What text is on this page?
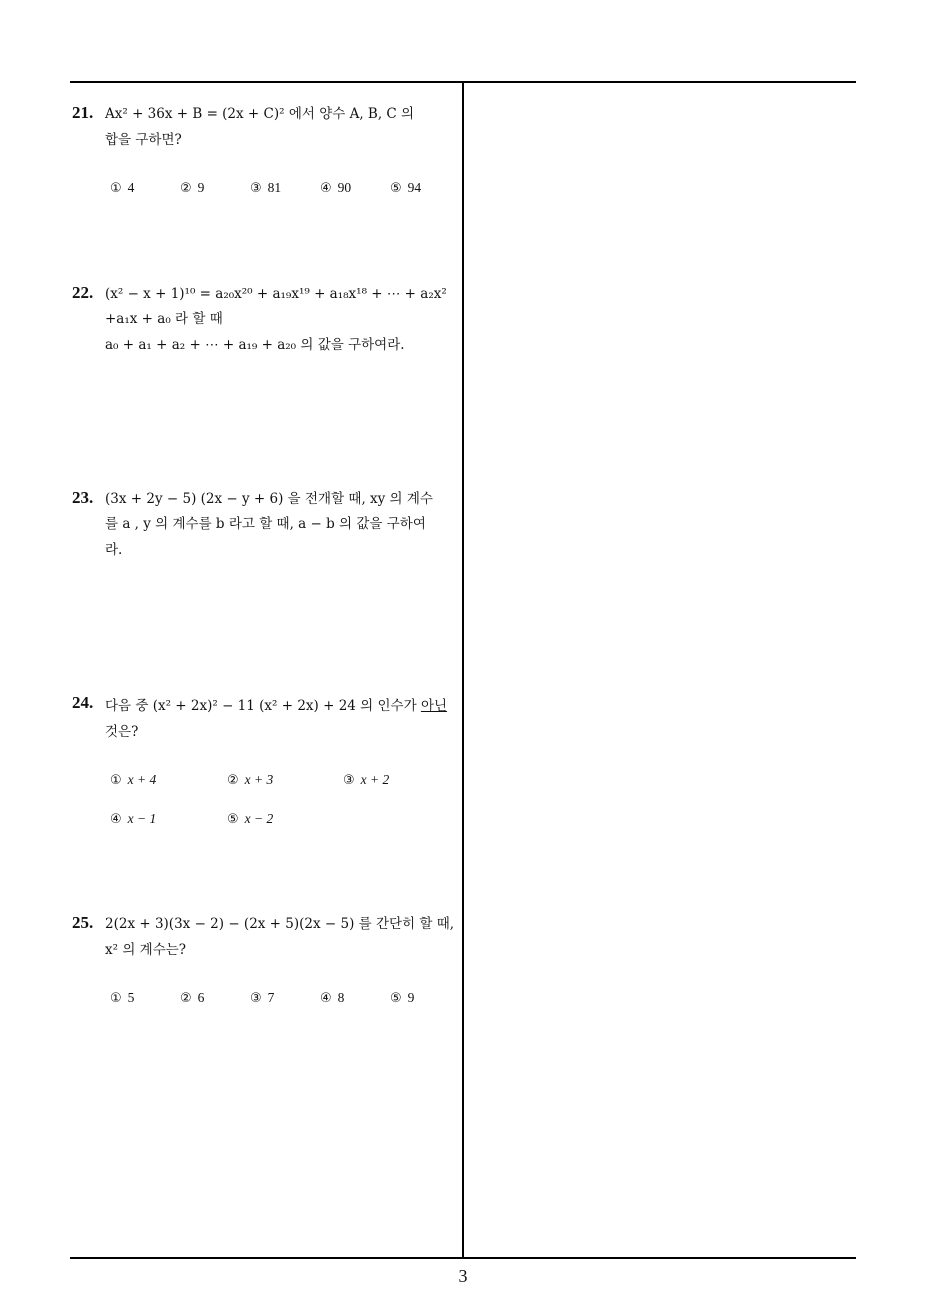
21. Ax² + 36x + B = (2x + C)² 에서 양수 A, B, C 의
합을 구하면?
① 4	② 9	③ 81	④ 90	⑤ 94
22. (x² − x + 1)¹⁰ = a₂₀x²⁰ + a₁₉x¹⁹ + a₁₈x¹⁸ + ⋯ + a₂x²
+a₁x + a₀ 라 할 때
a₀ + a₁ + a₂ + ⋯ + a₁₉ + a₂₀ 의 값을 구하여라.
23. (3x + 2y − 5) (2x − y + 6) 을 전개할 때, xy 의 계수
를 a , y 의 계수를 b 라고 할 때, a − b 의 값을 구하여
라.
24. 다음 중 (x² + 2x)² − 11 (x² + 2x) + 24 의 인수가 아닌
것은?
① x + 4	② x + 3	③ x + 2
④ x − 1	⑤ x − 2
25. 2(2x + 3)(3x − 2) − (2x + 5)(2x − 5) 를 간단히 할 때,
x² 의 계수는?
① 5	② 6	③ 7	④ 8	⑤ 9
3
